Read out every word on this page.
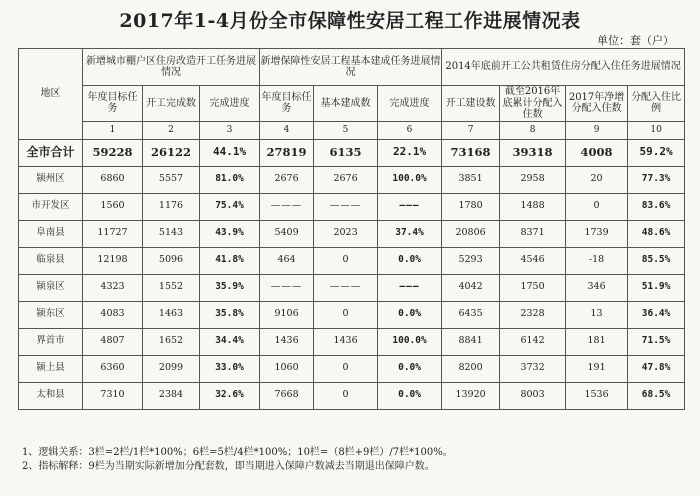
2017年1-4月份全市保障性安居工程工作进展情况表
单位：套（户）
地区	新增城市棚户区住房改造开工任务进展情况			新增保障性安居工程基本建成任务进展情况			2014年底前开工公共租赁住房分配入住任务进展情况			
	年度目标任务	开工完成数	完成进度	年度目标任务	基本建成数	完成进度	开工建设数	截至2016年底累计分配入住数	2017年净增分配入住数	分配入住比例
	1	2	3	4	5	6	7	8	9	10
全市合计	59228	26122	44.1%	27819	6135	22.1%	73168	39318	4008	59.2%
颍州区	6860	5557	81.0%	2676	2676	100.0%	3851	2958	20	77.3%
市开发区	1560	1176	75.4%	———	———	———	1780	1488	0	83.6%
阜南县	11727	5143	43.9%	5409	2023	37.4%	20806	8371	1739	48.6%
临泉县	12198	5096	41.8%	464	0	0.0%	5293	4546	-18	85.5%
颍泉区	4323	1552	35.9%	———	———	———	4042	1750	346	51.9%
颍东区	4083	1463	35.8%	9106	0	0.0%	6435	2328	13	36.4%
界首市	4807	1652	34.4%	1436	1436	100.0%	8841	6142	181	71.5%
颍上县	6360	2099	33.0%	1060	0	0.0%	8200	3732	191	47.8%
太和县	7310	2384	32.6%	7668	0	0.0%	13920	8003	1536	68.5%
1、逻辑关系：3栏=2栏/1栏*100%；6栏=5栏/4栏*100%；10栏=（8栏+9栏）/7栏*100%。
2、指标解释：9栏为当期实际新增加分配套数，即当期进入保障户数减去当期退出保障户数。
